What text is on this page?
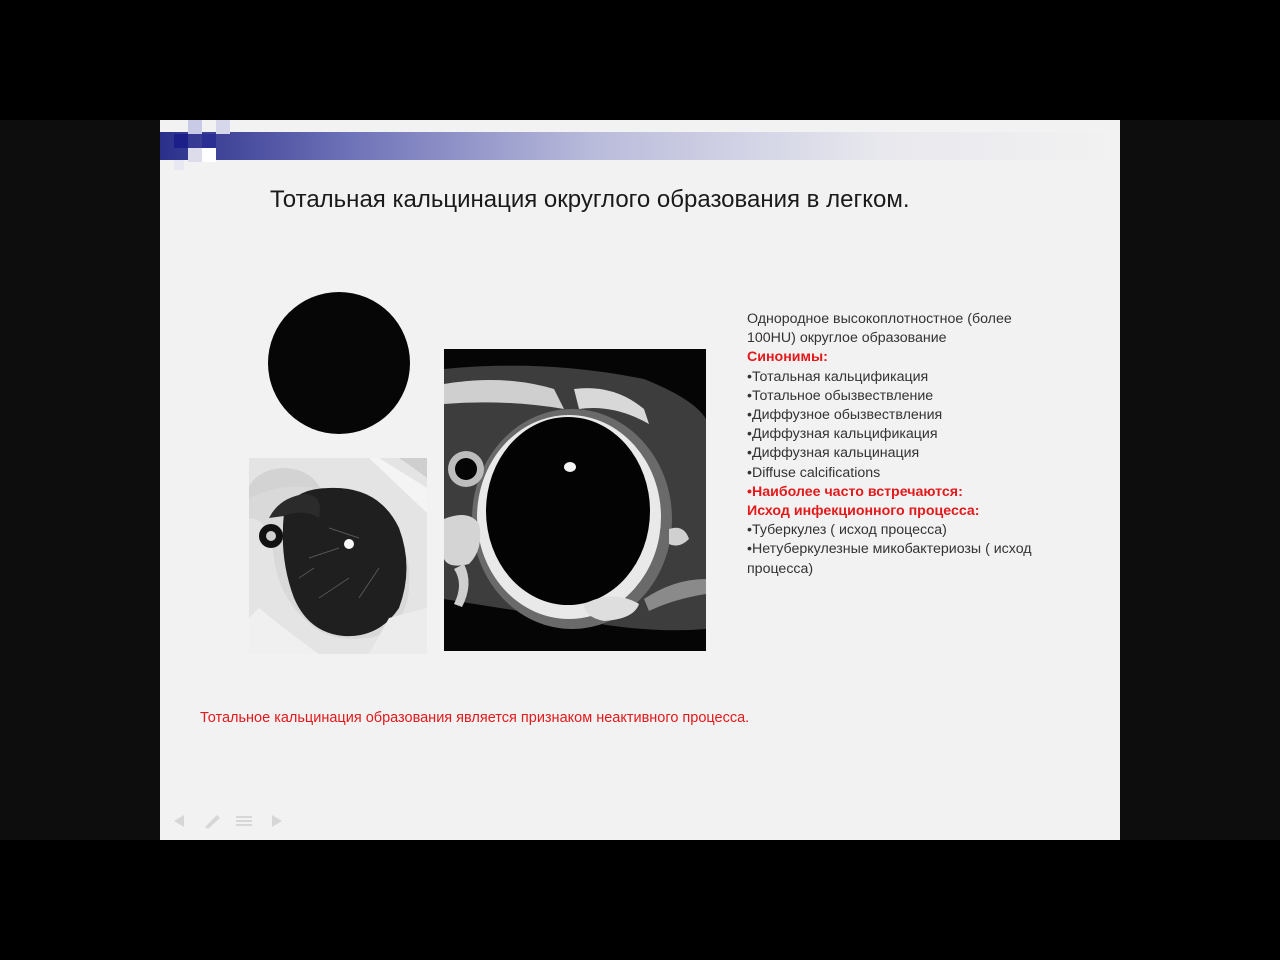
Тотальная кальцинация округлого образования в легком.
Однородное высокоплотностное (более
100HU) округлое образование
Синонимы:
•Тотальная кальцификация
•Тотальное обызвествление
•Диффузное обызвествления
•Диффузная кальцификация
•Диффузная кальцинация
•Diffuse calcifications
•Наиболее часто встречаются:
Исход инфекционного процесса:
•Туберкулез ( исход процесса)
•Нетуберкулезные микобактериозы ( исход
процесса)
Тотальное кальцинация образования является признаком неактивного процесса.
